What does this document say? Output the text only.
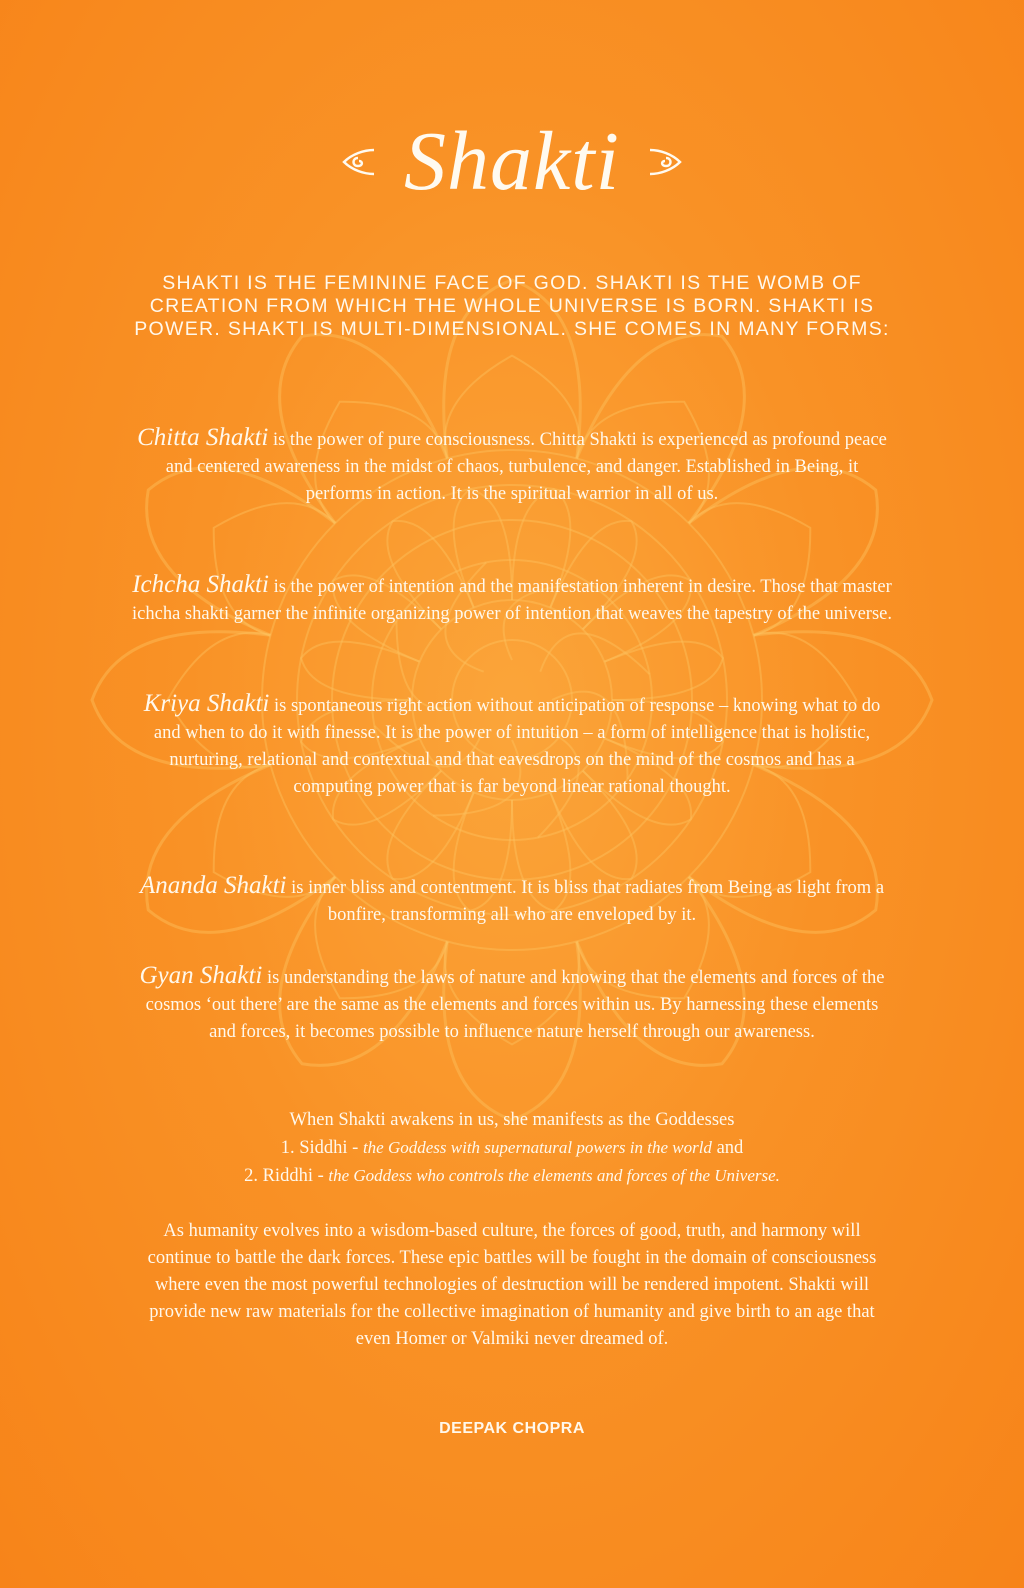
Shakti
SHAKTI IS THE FEMININE FACE OF GOD. SHAKTI IS THE WOMB OF CREATION FROM WHICH THE WHOLE UNIVERSE IS BORN. SHAKTI IS POWER. SHAKTI IS MULTI-DIMENSIONAL. SHE COMES IN MANY FORMS:

Chitta Shakti is the power of pure consciousness. Chitta Shakti is experienced as profound peace and centered awareness in the midst of chaos, turbulence, and danger. Established in Being, it performs in action. It is the spiritual warrior in all of us.

Ichcha Shakti is the power of intention and the manifestation inherent in desire. Those that master ichcha shakti garner the infinite organizing power of intention that weaves the tapestry of the universe.

Kriya Shakti is spontaneous right action without anticipation of response – knowing what to do and when to do it with finesse. It is the power of intuition – a form of intelligence that is holistic, nurturing, relational and contextual and that eavesdrops on the mind of the cosmos and has a computing power that is far beyond linear rational thought.

Ananda Shakti is inner bliss and contentment. It is bliss that radiates from Being as light from a bonfire, transforming all who are enveloped by it.

Gyan Shakti is understanding the laws of nature and knowing that the elements and forces of the cosmos ‘out there’ are the same as the elements and forces within us. By harnessing these elements and forces, it becomes possible to influence nature herself through our awareness.

When Shakti awakens in us, she manifests as the Goddesses
1. Siddhi - the Goddess with supernatural powers in the world and
2. Riddhi - the Goddess who controls the elements and forces of the Universe.
As humanity evolves into a wisdom-based culture, the forces of good, truth, and harmony will continue to battle the dark forces. These epic battles will be fought in the domain of consciousness where even the most powerful technologies of destruction will be rendered impotent. Shakti will provide new raw materials for the collective imagination of humanity and give birth to an age that even Homer or Valmiki never dreamed of.
DEEPAK CHOPRA
